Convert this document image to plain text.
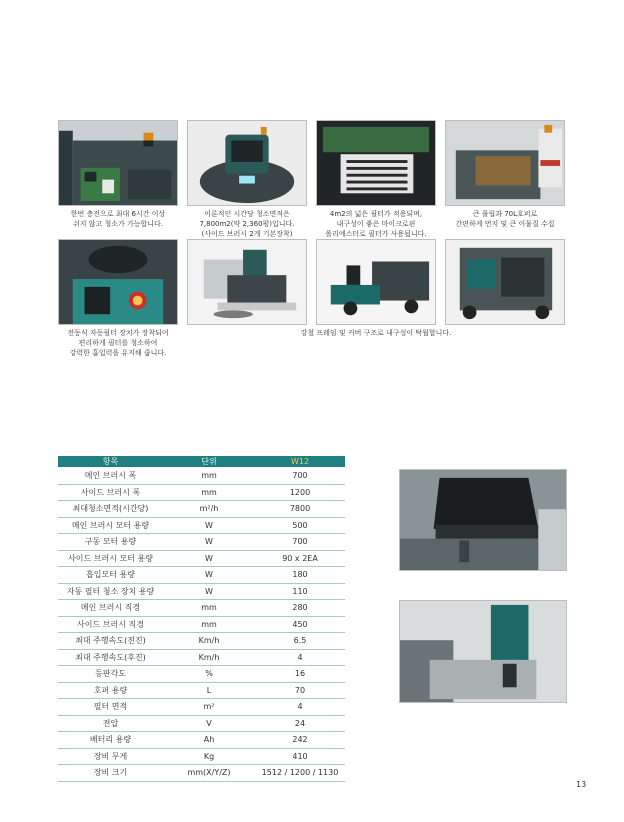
한번 충전으로 최대 6시간 이상
쉬지 않고 청소가 가능합니다.
이론적인 시간당 청소면적은
7,800m2(약 2,360평)입니다.
(사이드 브러시 2개 기본장착)
4m2의 넓은 필터가 적용되며,
내구성이 좋은 마이크로핀
폴리에스터로 필터가 사용됩니다.
큰 풀립과 70L호퍼로
간편하게 먼지 및 큰 이물질 수집
전동식 자동필터 장치가 장착되어
편리하게 필터를 청소하여
강력한 흡입력을 유지해 줍니다.
강철 프레임 및 커버 구조로 내구성이 탁월합니다.
항목	단위	W12
메인 브러시 폭	mm	700
사이드 브러시 폭	mm	1200
최대청소면적(시간당)	m²/h	7800
메인 브러시 모터 용량	W	500
구동 모터 용량	W	700
사이드 브러시 모터 용량	W	90 x 2EA
흡입모터 용량	W	180
자동 필터 청소 장치 용량	W	110
메인 브러시 직경	mm	280
사이드 브러시 직경	mm	450
최대 주행속도(전진)	Km/h	6.5
최대 주행속도(후진)	Km/h	4
등판각도	%	16
호퍼 용량	L	70
필터 면적	m²	4
전압	V	24
배터리 용량	Ah	242
장비 무게	Kg	410
장비 크기	mm(X/Y/Z)	1512 / 1200 / 1130
13
